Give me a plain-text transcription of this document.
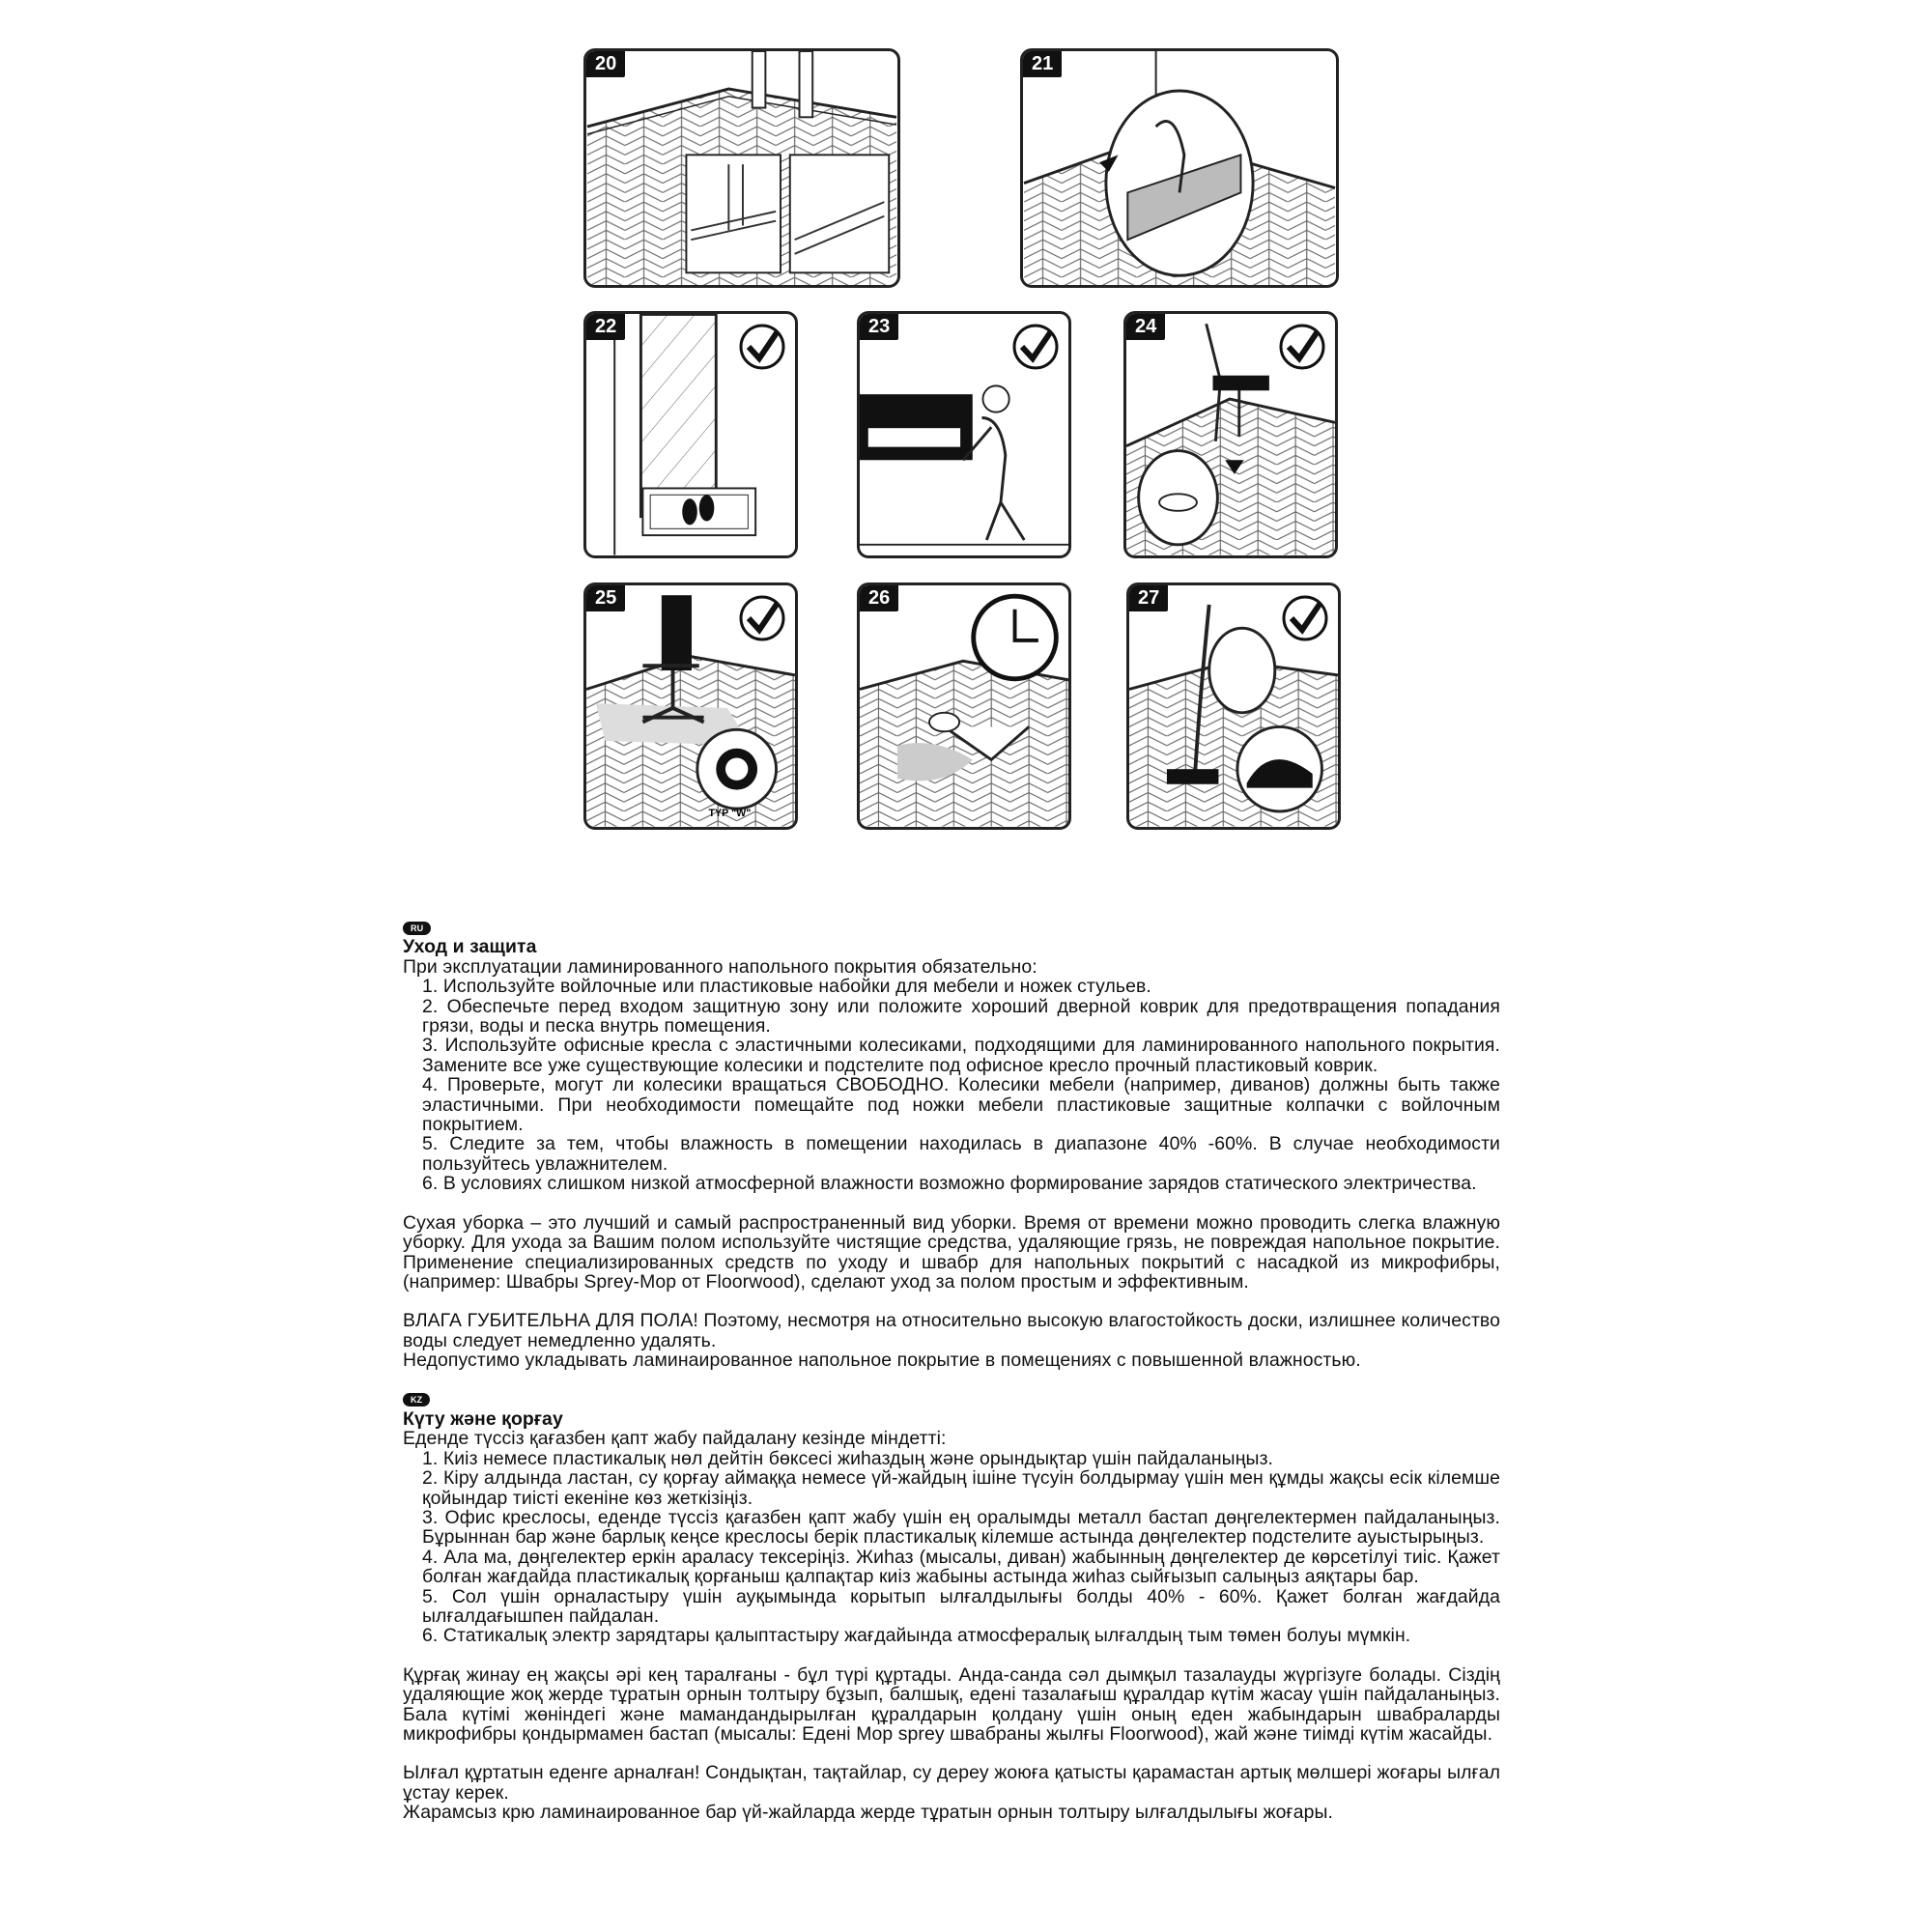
20	21
22	23	24
TYP "W"
25	26	27
RU
Уход и защита
При эксплуатации ламинированного напольного покрытия обязательно:
1. Используйте войлочные или пластиковые набойки для мебели и ножек стульев.
2. Обеспечьте перед входом защитную зону или положите хороший дверной коврик для предотвращения попадания грязи, воды и песка внутрь помещения.
3. Используйте офисные кресла с эластичными колесиками, подходящими для ламинированного напольного покрытия. Замените все уже существующие колесики и подстелите под офисное кресло прочный пластиковый коврик.
4. Проверьте, могут ли колесики вращаться СВОБОДНО. Колесики мебели (например, диванов) должны быть также эластичными. При необходимости помещайте под ножки мебели пластиковые защитные колпачки с войлочным покрытием.
5. Следите за тем, чтобы влажность в помещении находилась в диапазоне 40% -60%. В случае необходимости пользуйтесь увлажнителем.
6. В условиях слишком низкой атмосферной влажности возможно формирование зарядов статического электричества.

Сухая уборка – это лучший и самый распространенный вид уборки. Время от времени можно проводить слегка влажную уборку. Для ухода за Вашим полом используйте чистящие средства, удаляющие грязь, не повреждая напольное покрытие. Применение специализированных средств по уходу и швабр для напольных покрытий с насадкой из микрофибры, (например: Швабры Sprey-Mop от Floorwood), сделают уход за полом простым и эффективным.

ВЛАГА ГУБИТЕЛЬНА ДЛЯ ПОЛА! Поэтому, несмотря на относительно высокую влагостойкость доски, излишнее количество воды следует немедленно удалять.

Недопустимо укладывать ламинаированное напольное покрытие в помещениях с повышенной влажностью.

KZ
Күту және қорғау
Еденде түссіз қағазбен қапт жабу пайдалану кезінде міндетті:
1. Киіз немесе пластикалық нөл дейтін бөксесі жиһаздың және орындықтар үшін пайдаланыңыз.
2. Кіру алдында ластан, су қорғау аймаққа немесе үй-жайдың ішіне түсуін болдырмау үшін мен құмды жақсы есік кілемше қойындар тиісті екеніне көз жеткізіңіз.
3. Офис креслосы, еденде түссіз қағазбен қапт жабу үшін ең оралымды металл бастап дөңгелектермен пайдаланыңыз. Бұрыннан бар және барлық кеңсе креслосы берік пластикалық кілемше астында дөңгелектер подстелите ауыстырыңыз.
4. Ала ма, дөңгелектер еркін араласу тексеріңіз. Жиһаз (мысалы, диван) жабынның дөңгелектер де көрсетілуі тиіс. Қажет болған жағдайда пластикалық қорғаныш қалпақтар киіз жабыны астында жиһаз сыйғызып салыңыз аяқтары бар.
5. Сол үшін орналастыру үшін ауқымында корытып ылғалдылығы болды 40% - 60%. Қажет болған жағдайда ылғалдағышпен пайдалан.
6. Статикалық электр зарядтары қалыптастыру жағдайында атмосфералық ылғалдың тым төмен болуы мүмкін.

Құрғақ жинау ең жақсы әрі кең таралғаны - бұл түрі құртады. Анда-санда сәл дымқыл тазалауды жүргізуге болады. Сіздің удаляющие жоқ жерде тұратын орнын толтыру бұзып, балшық, едені тазалағыш құралдар күтім жасау үшін пайдаланыңыз. Бала күтімі жөніндегі және мамандандырылған құралдарын қолдану үшін оның еден жабындарын швабраларды микрофибры қондырмамен бастап (мысалы: Едені Mop sprey швабраны жылғы Floorwood), жай және тиімді күтім жасайды.

Ылғал құртатын еденге арналған! Сондықтан, тақтайлар, су дереу жоюға қатысты қарамастан артық мөлшері жоғары ылғал ұстау керек.

Жарамсыз крю ламинаированное бар үй-жайларда жерде тұратын орнын толтыру ылғалдылығы жоғары.
